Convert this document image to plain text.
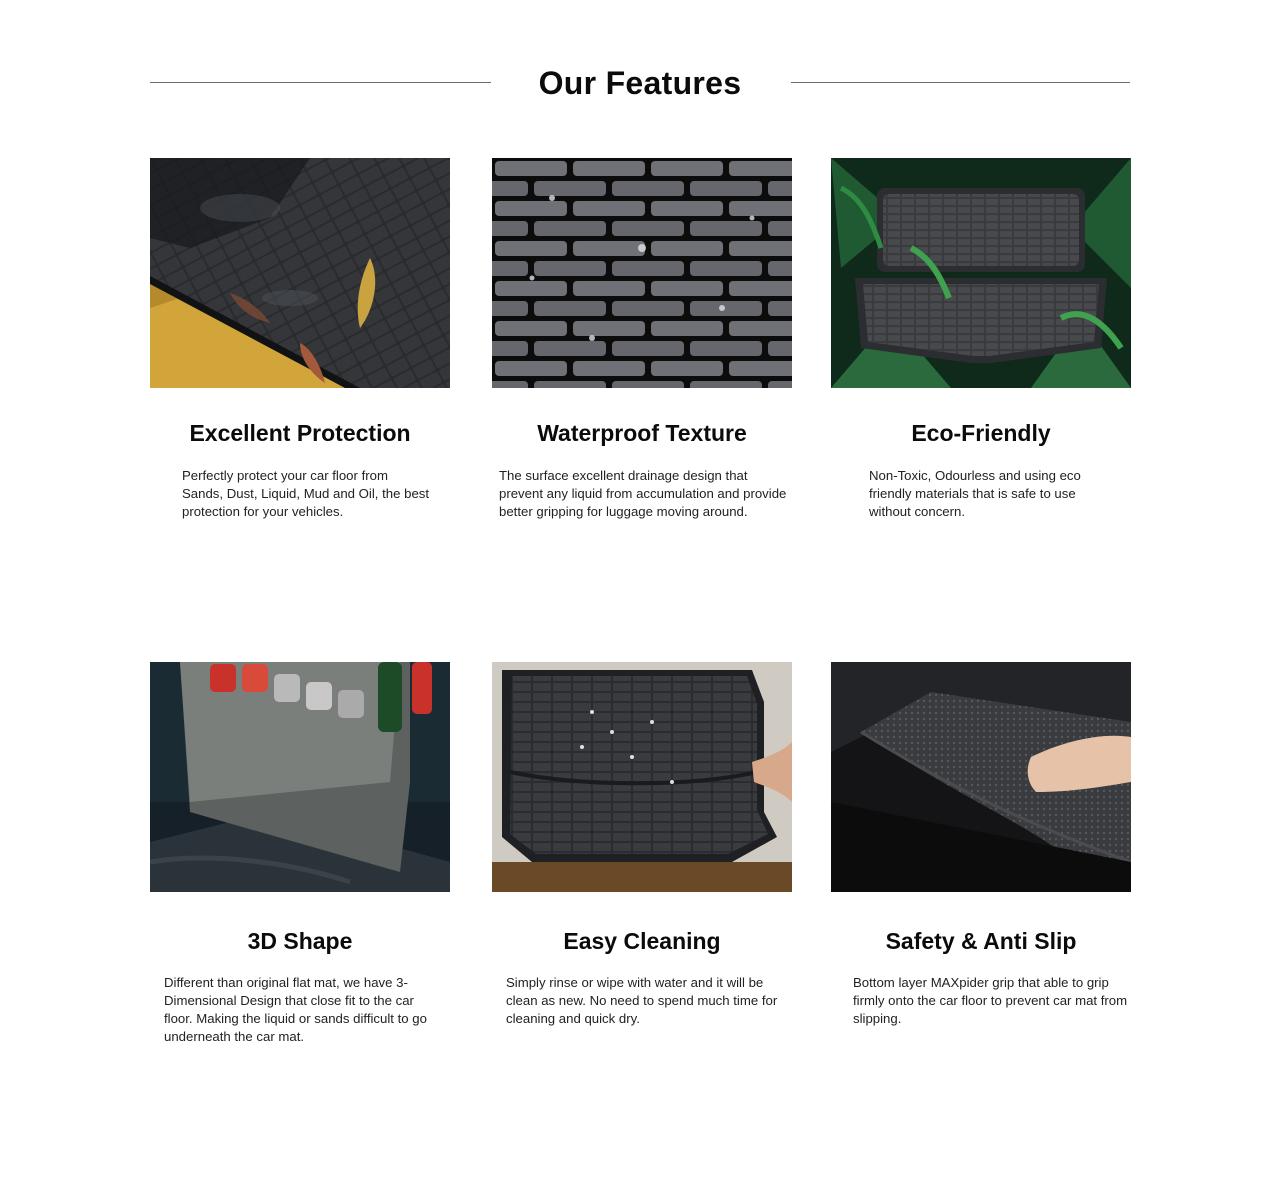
Our Features
Excellent Protection

Perfectly protect your car floor from Sands, Dust, Liquid, Mud and Oil, the best protection for your vehicles.

Waterproof Texture

The surface excellent drainage design that prevent any liquid from accumulation and provide better gripping for luggage moving around.

Eco-Friendly

Non-Toxic, Odourless and using eco friendly materials that is safe to use without concern.

3D Shape

Different than original flat mat, we have 3-Dimensional Design that close fit to the car floor. Making the liquid or sands difficult to go underneath the car mat.

Easy Cleaning

Simply rinse or wipe with water and it will be clean as new. No need to spend much time for cleaning and quick dry.

Safety & Anti Slip

Bottom layer MAXpider grip that able to grip firmly onto the car floor to prevent car mat from slipping.
